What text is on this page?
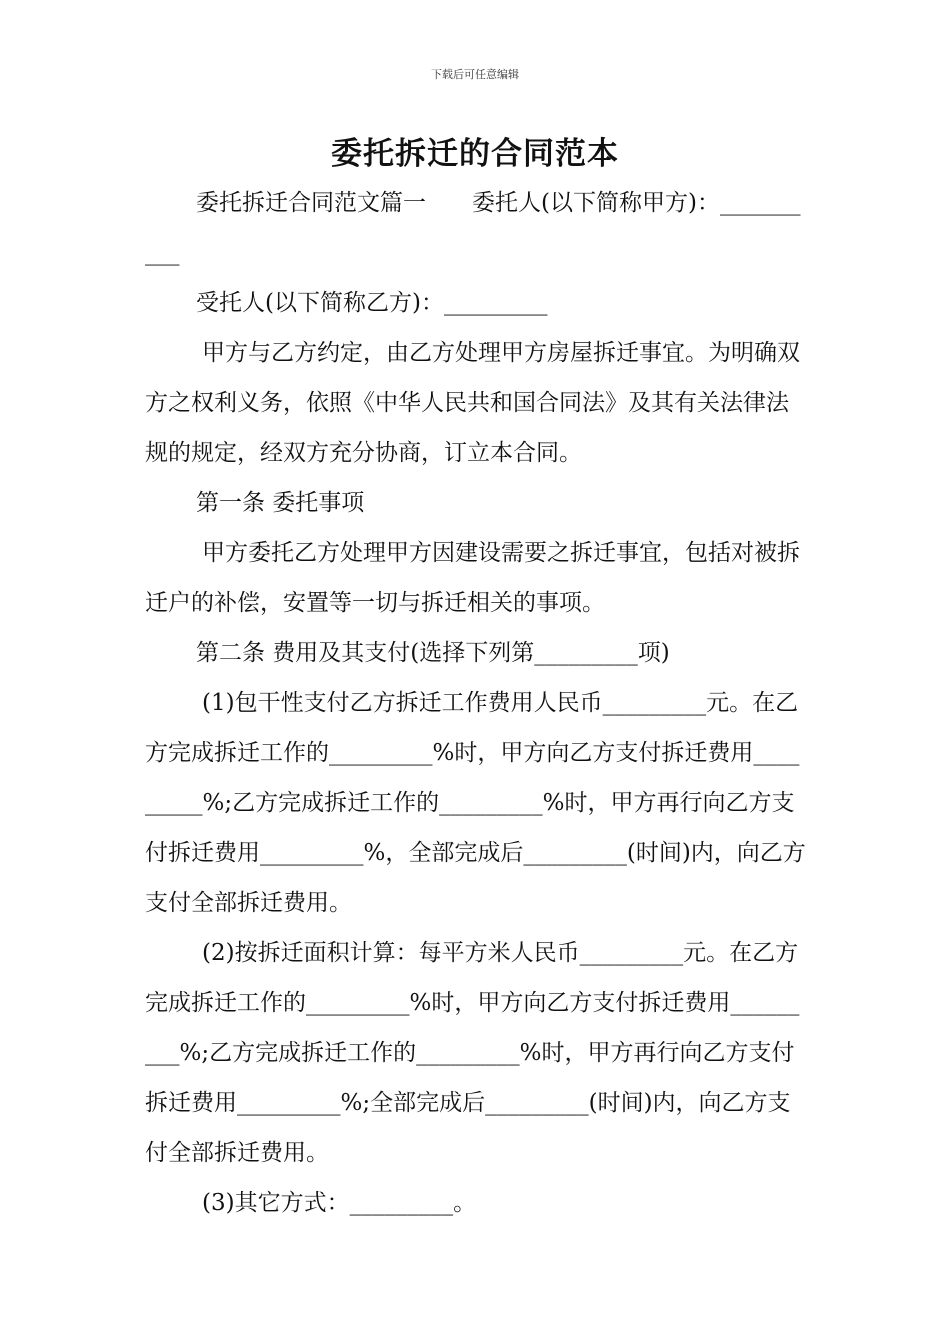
下载后可任意编辑
委托拆迁的合同范本

委托拆迁合同范文篇一　　委托人(以下简称甲方)：__________

受托人(以下简称乙方)：_________

甲方与乙方约定，由乙方处理甲方房屋拆迁事宜。为明确双方之权利义务，依照《中华人民共和国合同法》及其有关法律法规的规定，经双方充分协商，订立本合同。

第一条 委托事项

甲方委托乙方处理甲方因建设需要之拆迁事宜，包括对被拆迁户的补偿，安置等一切与拆迁相关的事项。

第二条 费用及其支付(选择下列第_________项)

(1)包干性支付乙方拆迁工作费用人民币_________元。在乙方完成拆迁工作的_________%时，甲方向乙方支付拆迁费用_________%;乙方完成拆迁工作的_________%时，甲方再行向乙方支付拆迁费用_________%，全部完成后_________(时间)内，向乙方支付全部拆迁费用。

(2)按拆迁面积计算：每平方米人民币_________元。在乙方完成拆迁工作的_________%时，甲方向乙方支付拆迁费用_________%;乙方完成拆迁工作的_________%时，甲方再行向乙方支付拆迁费用_________%;全部完成后_________(时间)内，向乙方支付全部拆迁费用。

(3)其它方式：_________。
